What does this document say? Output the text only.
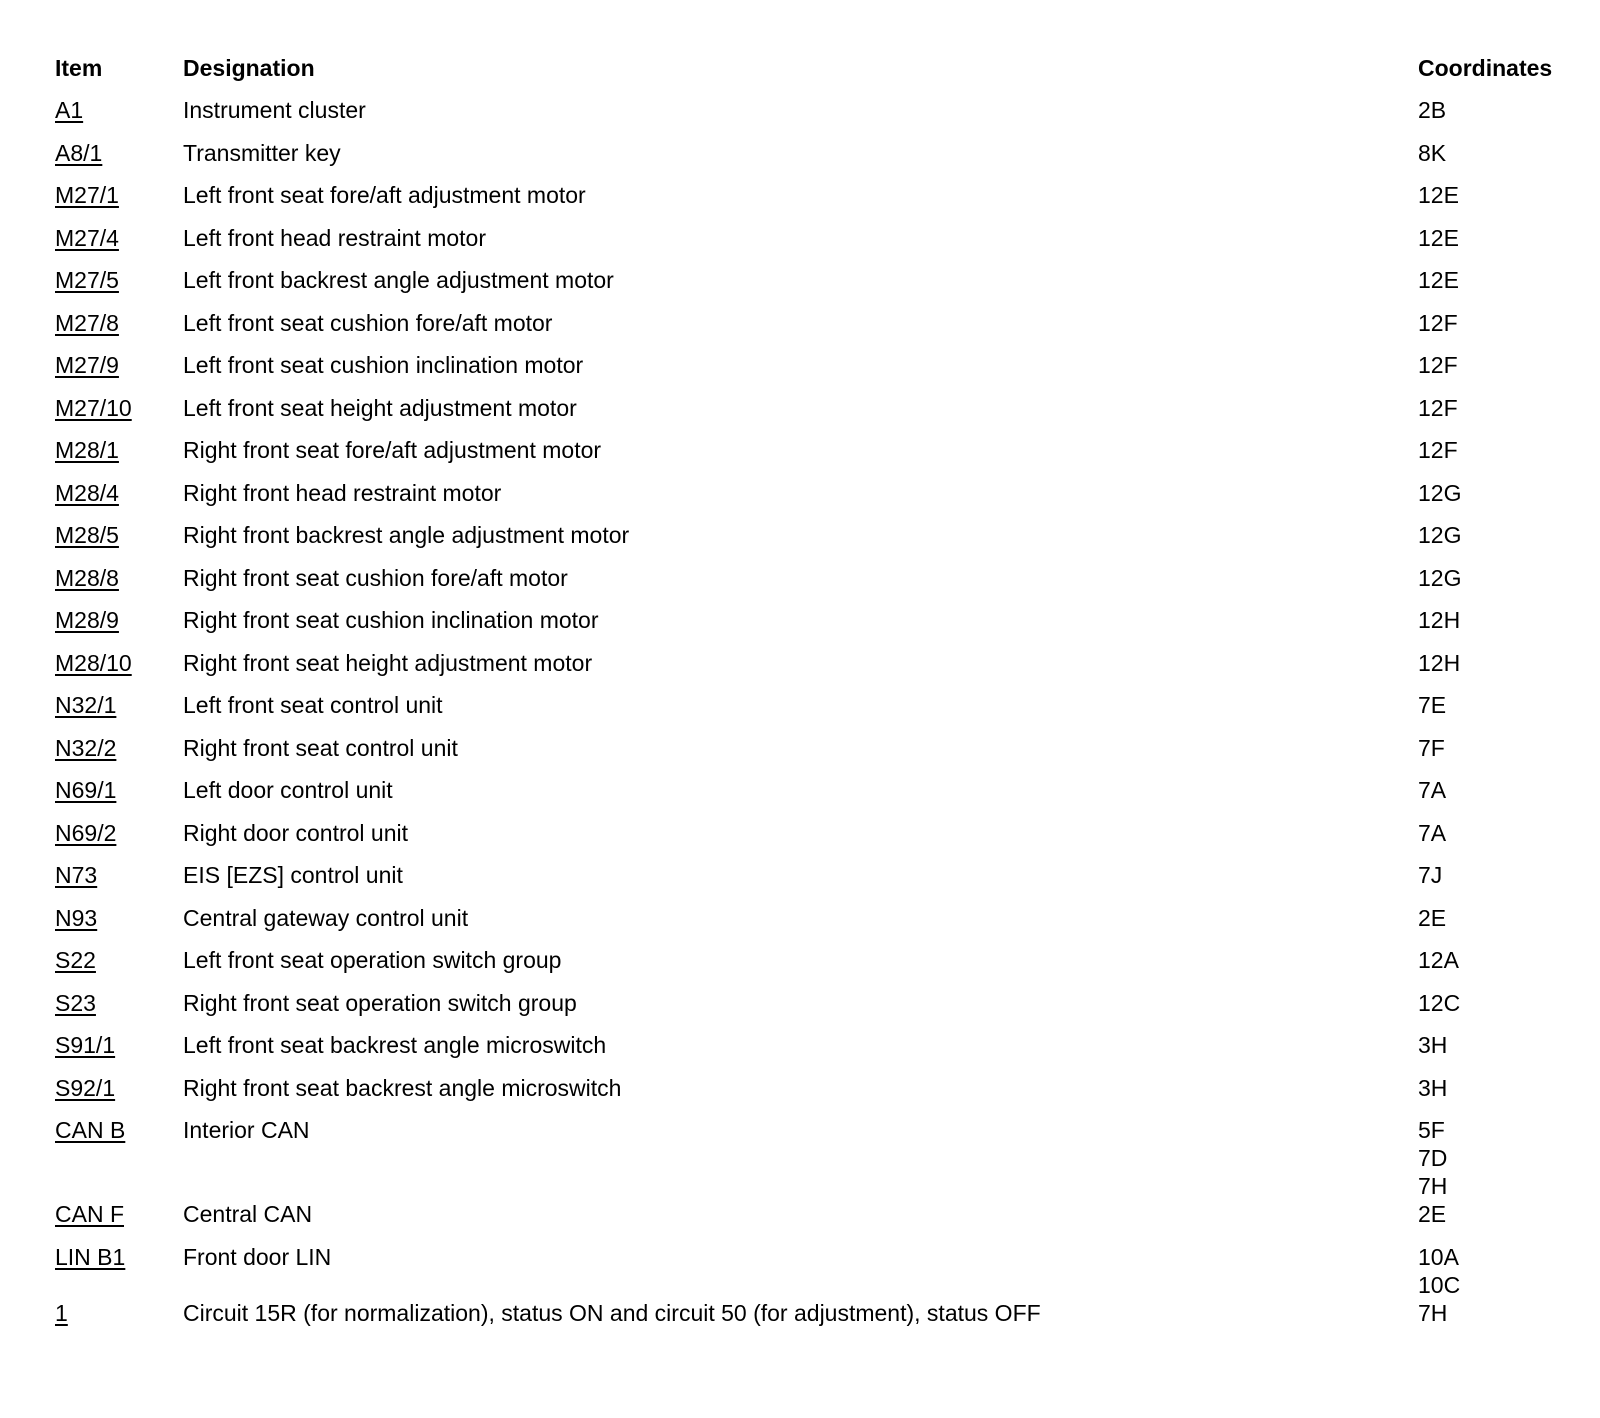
Item	Designation	Coordinates
A1	Instrument cluster	2B
A8/1	Transmitter key	8K
M27/1	Left front seat fore/aft adjustment motor	12E
M27/4	Left front head restraint motor	12E
M27/5	Left front backrest angle adjustment motor	12E
M27/8	Left front seat cushion fore/aft motor	12F
M27/9	Left front seat cushion inclination motor	12F
M27/10	Left front seat height adjustment motor	12F
M28/1	Right front seat fore/aft adjustment motor	12F
M28/4	Right front head restraint motor	12G
M28/5	Right front backrest angle adjustment motor	12G
M28/8	Right front seat cushion fore/aft motor	12G
M28/9	Right front seat cushion inclination motor	12H
M28/10	Right front seat height adjustment motor	12H
N32/1	Left front seat control unit	7E
N32/2	Right front seat control unit	7F
N69/1	Left door control unit	7A
N69/2	Right door control unit	7A
N73	EIS [EZS] control unit	7J
N93	Central gateway control unit	2E
S22	Left front seat operation switch group	12A
S23	Right front seat operation switch group	12C
S91/1	Left front seat backrest angle microswitch	3H
S92/1	Right front seat backrest angle microswitch	3H
CAN B	Interior CAN	5F
7D
7H
CAN F	Central CAN	2E
LIN B1	Front door LIN	10A
10C
1	Circuit 15R (for normalization), status ON and circuit 50 (for adjustment), status OFF	7H
